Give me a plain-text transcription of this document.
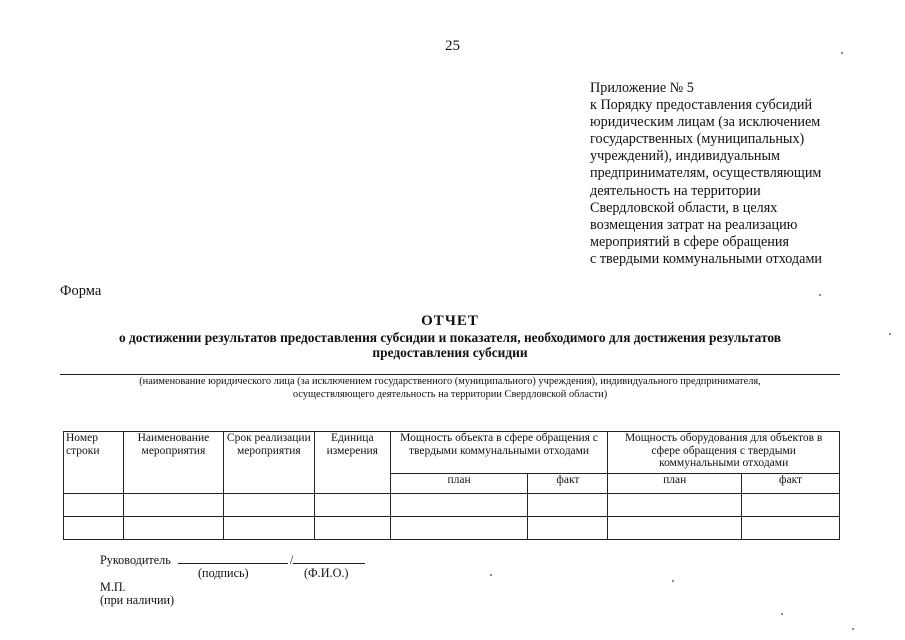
25
Приложение № 5
к Порядку предоставления субсидий
юридическим лицам (за исключением
государственных (муниципальных)
учреждений), индивидуальным
предпринимателям, осуществляющим
деятельность на территории
Свердловской области, в целях
возмещения затрат на реализацию
мероприятий в сфере обращения
с твердыми коммунальными отходами
Форма
ОТЧЕТ
о достижении результатов предоставления субсидии и показателя, необходимого для достижения результатов
предоставления субсидии
(наименование юридического лица (за исключением государственного (муниципального) учреждения), индивидуального предпринимателя,
осуществляющего деятельность на территории Свердловской области)
Номер строки	Наименование мероприятия	Срок реализации мероприятия	Единица измерения	Мощность объекта в сфере обращения с твердыми коммунальными отходами		Мощность оборудования для объектов в сфере обращения с твердыми коммунальными отходами	
				план	факт	план	факт

Руководитель	/
(подпись)	(Ф.И.О.)
М.П.
(при наличии)
